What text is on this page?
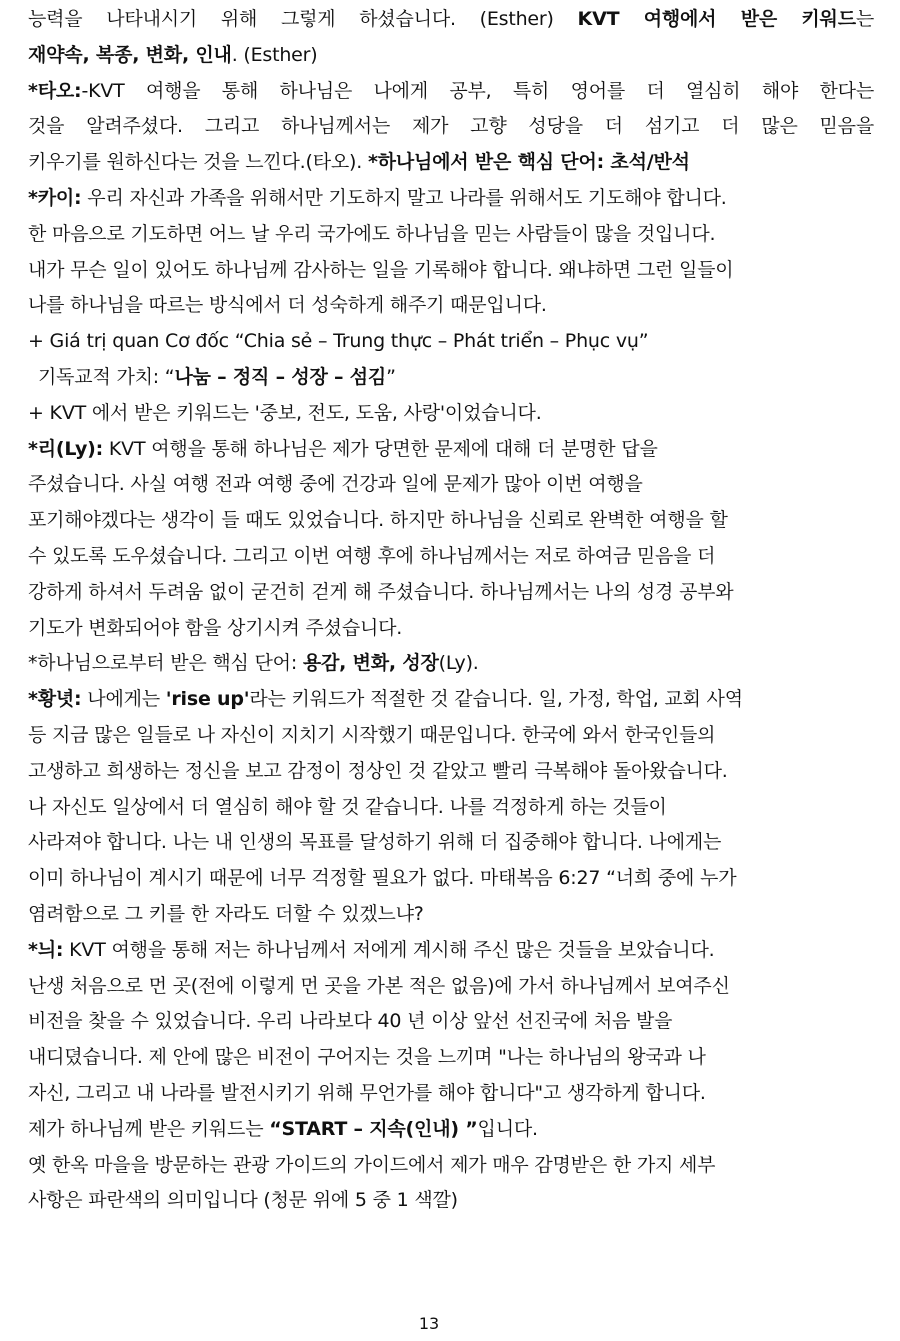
능력을 나타내시기 위해 그렇게 하셨습니다. (Esther) KVT 여행에서 받은 키워드는
재약속, 복종, 변화, 인내. (Esther)
*타오:-KVT 여행을 통해 하나님은 나에게 공부, 특히 영어를 더 열심히 해야 한다는
것을 알려주셨다. 그리고 하나님께서는 제가 고향 성당을 더 섬기고 더 많은 믿음을
키우기를 원하신다는 것을 느낀다.(타오). *하나님에서 받은 핵심 단어: 초석/반석
*카이: 우리 자신과 가족을 위해서만 기도하지 말고 나라를 위해서도 기도해야 합니다.
한 마음으로 기도하면 어느 날 우리 국가에도 하나님을 믿는 사람들이 많을 것입니다.
내가 무슨 일이 있어도 하나님께 감사하는 일을 기록해야 합니다. 왜냐하면 그런 일들이
나를 하나님을 따르는 방식에서 더 성숙하게 해주기 때문입니다.
+ Giá trị quan Cơ đốc “Chia sẻ – Trung thực – Phát triển – Phục vụ”
기독교적 가치: “나눔 – 정직 – 성장 – 섬김”
+ KVT 에서 받은 키워드는 '중보, 전도, 도움, 사랑'이었습니다.
*리(Ly): KVT 여행을 통해 하나님은 제가 당면한 문제에 대해 더 분명한 답을
주셨습니다. 사실 여행 전과 여행 중에 건강과 일에 문제가 많아 이번 여행을
포기해야겠다는 생각이 들 때도 있었습니다. 하지만 하나님을 신뢰로 완벽한 여행을 할
수 있도록 도우셨습니다. 그리고 이번 여행 후에 하나님께서는 저로 하여금 믿음을 더
강하게 하셔서 두려움 없이 굳건히 걷게 해 주셨습니다. 하나님께서는 나의 성경 공부와
기도가 변화되어야 함을 상기시켜 주셨습니다.
*하나님으로부터 받은 핵심 단어: 용감, 변화, 성장(Ly).
*황녓: 나에게는 'rise up'라는 키워드가 적절한 것 같습니다. 일, 가정, 학업, 교회 사역
등 지금 많은 일들로 나 자신이 지치기 시작했기 때문입니다. 한국에 와서 한국인들의
고생하고 희생하는 정신을 보고 감정이 정상인 것 같았고 빨리 극복해야 돌아왔습니다.
나 자신도 일상에서 더 열심히 해야 할 것 같습니다. 나를 걱정하게 하는 것들이
사라져야 합니다. 나는 내 인생의 목표를 달성하기 위해 더 집중해야 합니다. 나에게는
이미 하나님이 계시기 때문에 너무 걱정할 필요가 없다. 마태복음 6:27 “너희 중에 누가
염려함으로 그 키를 한 자라도 더할 수 있겠느냐?
*늬: KVT 여행을 통해 저는 하나님께서 저에게 계시해 주신 많은 것들을 보았습니다.
난생 처음으로 먼 곳(전에 이렇게 먼 곳을 가본 적은 없음)에 가서 하나님께서 보여주신
비전을 찾을 수 있었습니다. 우리 나라보다 40 년 이상 앞선 선진국에 처음 발을
내디뎠습니다. 제 안에 많은 비전이 구어지는 것을 느끼며 "나는 하나님의 왕국과 나
자신, 그리고 내 나라를 발전시키기 위해 무언가를 해야 합니다"고 생각하게 합니다.
제가 하나님께 받은 키워드는 “START – 지속(인내) ”입니다.
옛 한옥 마을을 방문하는 관광 가이드의 가이드에서 제가 매우 감명받은 한 가지 세부
사항은 파란색의 의미입니다 (청문 위에 5 중 1 색깔)
13
